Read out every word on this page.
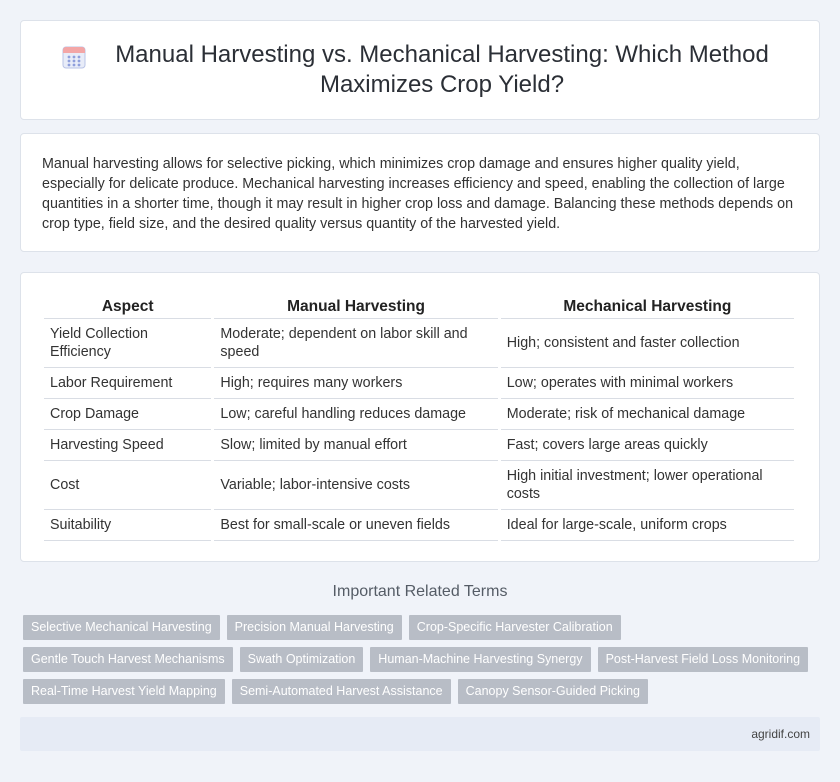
Manual Harvesting vs. Mechanical Harvesting: Which Method Maximizes Crop Yield?

Manual harvesting allows for selective picking, which minimizes crop damage and ensures higher quality yield, especially for delicate produce. Mechanical harvesting increases efficiency and speed, enabling the collection of large quantities in a shorter time, though it may result in higher crop loss and damage. Balancing these methods depends on crop type, field size, and the desired quality versus quantity of the harvested yield.

Aspect	Manual Harvesting	Mechanical Harvesting
Yield Collection Efficiency	Moderate; dependent on labor skill and speed	High; consistent and faster collection
Labor Requirement	High; requires many workers	Low; operates with minimal workers
Crop Damage	Low; careful handling reduces damage	Moderate; risk of mechanical damage
Harvesting Speed	Slow; limited by manual effort	Fast; covers large areas quickly
Cost	Variable; labor-intensive costs	High initial investment; lower operational costs
Suitability	Best for small-scale or uneven fields	Ideal for large-scale, uniform crops
Important Related Terms
Selective Mechanical Harvesting	Precision Manual Harvesting	Crop-Specific Harvester Calibration
Gentle Touch Harvest Mechanisms	Swath Optimization	Human-Machine Harvesting Synergy	Post-Harvest Field Loss Monitoring
Real-Time Harvest Yield Mapping	Semi-Automated Harvest Assistance	Canopy Sensor-Guided Picking
agridif.com
